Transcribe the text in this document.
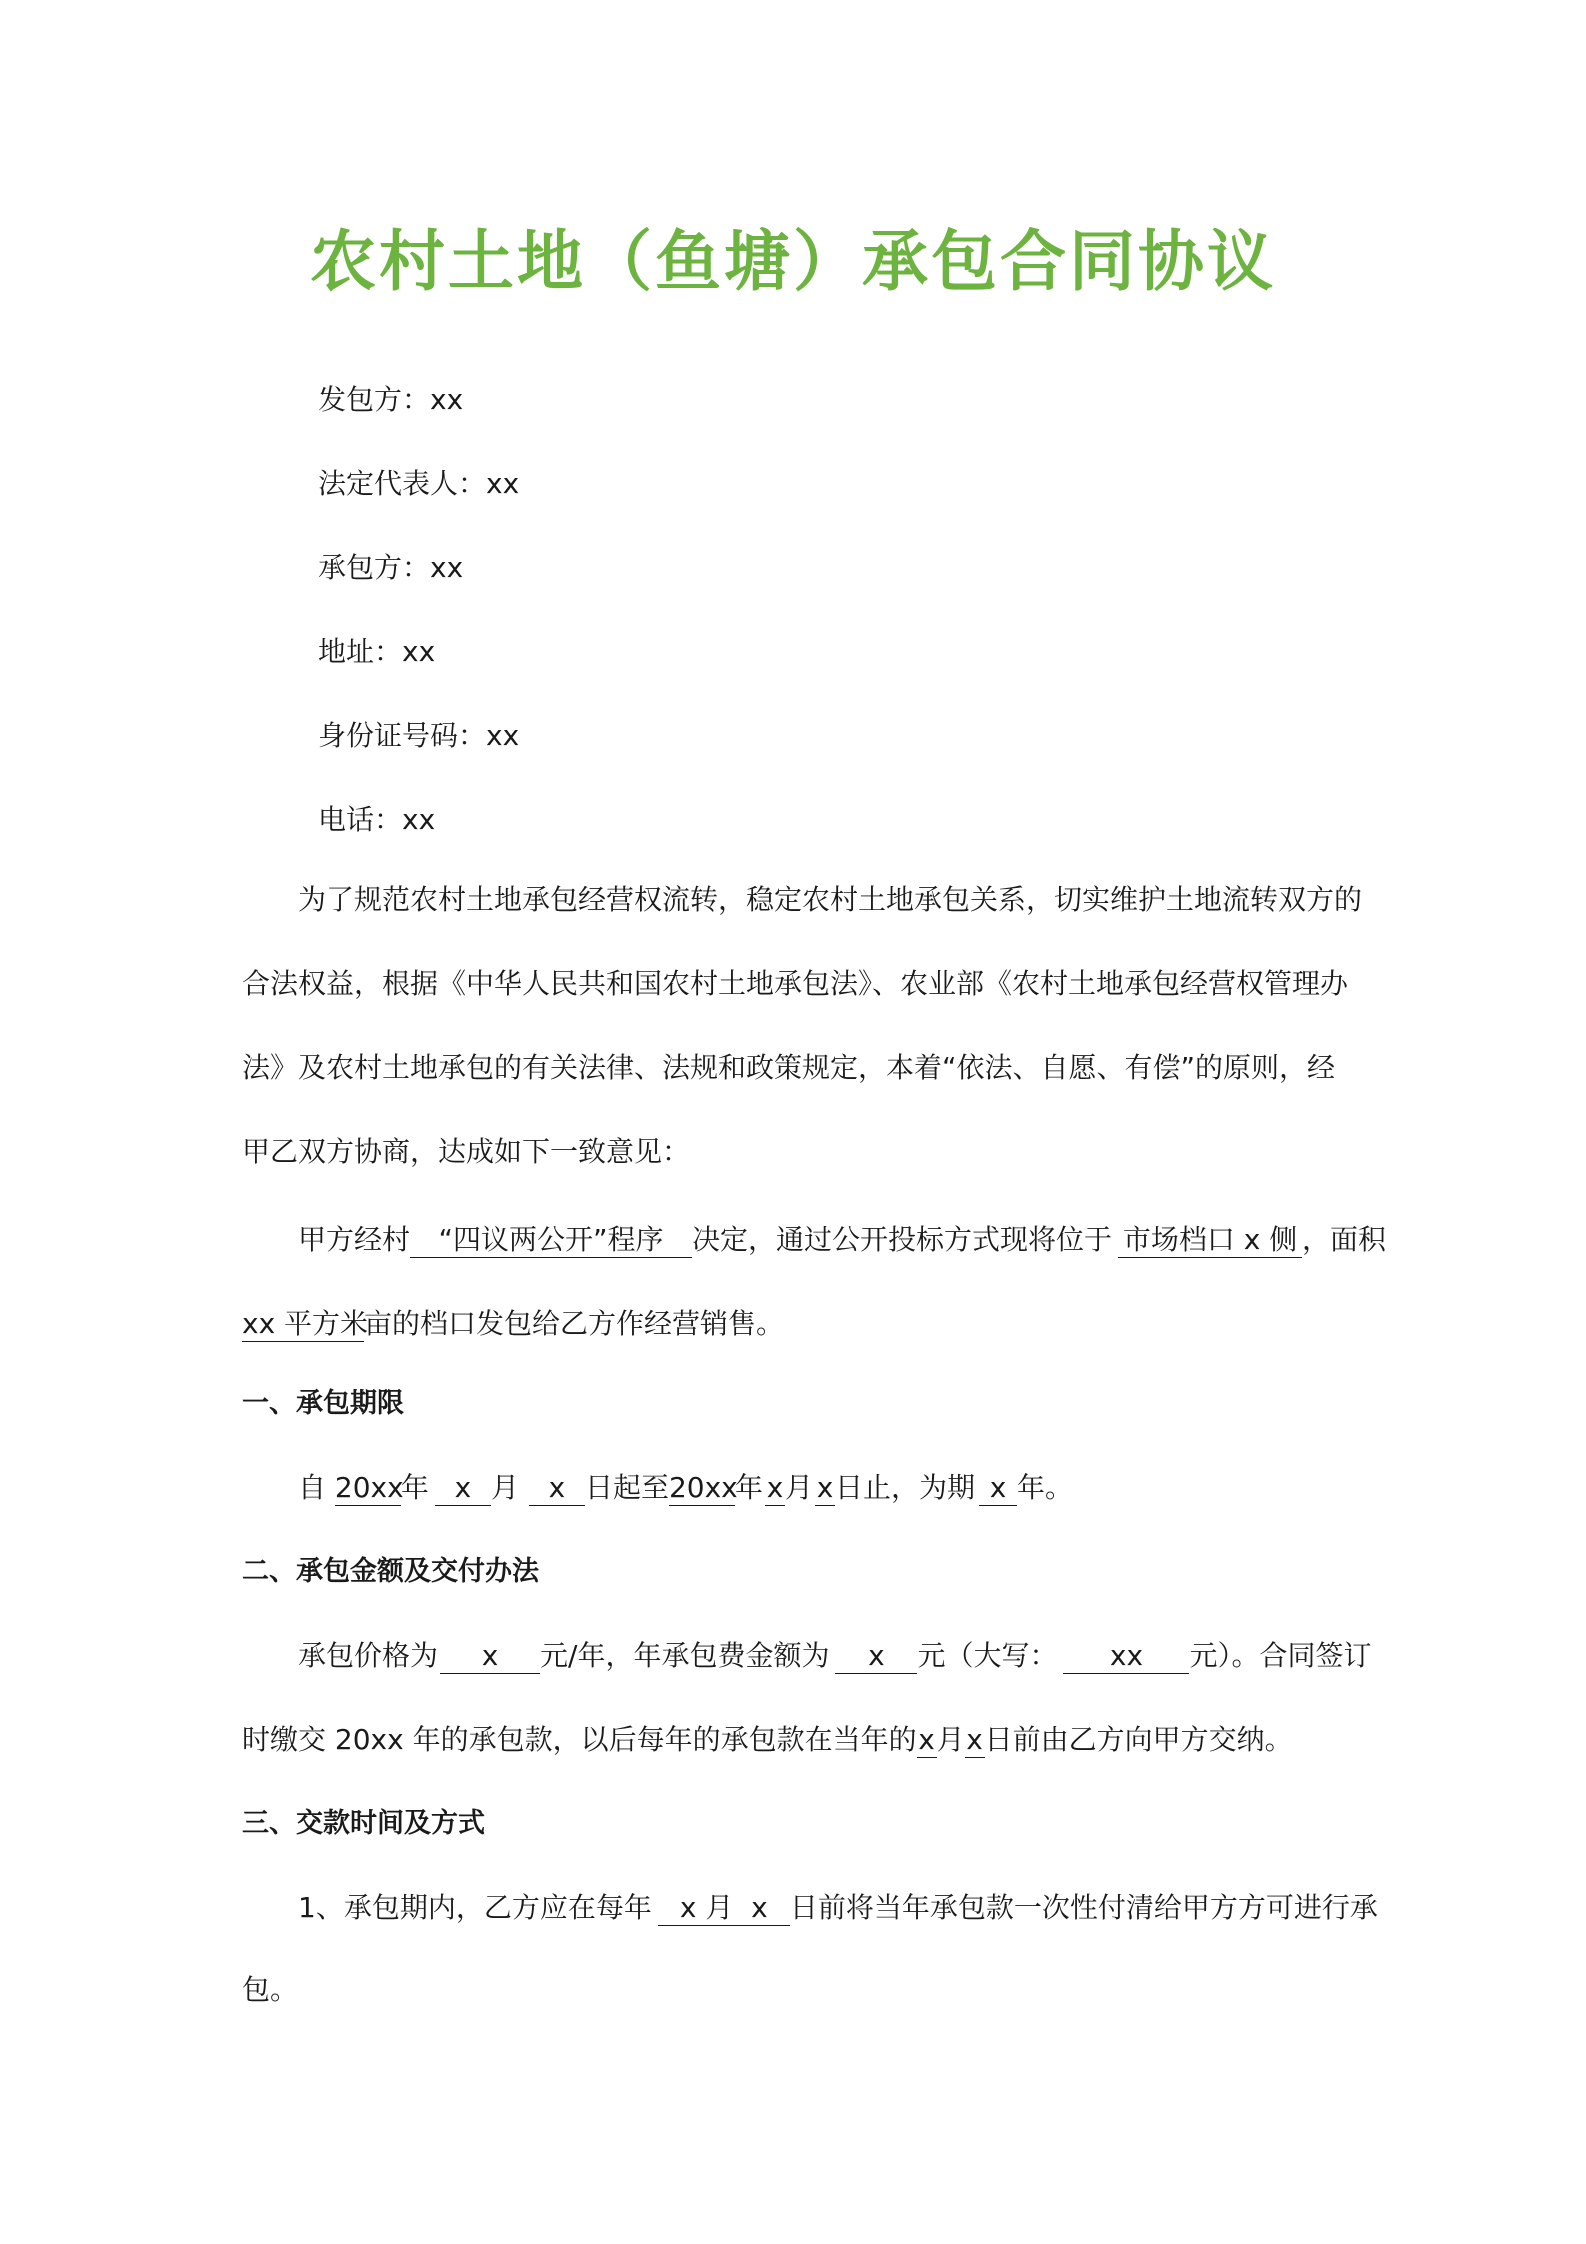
农村土地（鱼塘）承包合同协议
发包方：xx
法定代表人：xx
承包方：xx
地址：xx
身份证号码：xx
电话：xx
为了规范农村土地承包经营权流转，稳定农村土地承包关系，切实维护土地流转双方的
合法权益，根据《中华人民共和国农村土地承包法》、农业部《农村土地承包经营权管理办
法》及农村土地承包的有关法律、法规和政策规定，本着“依法、自愿、有偿”的原则，经
甲乙双方协商，达成如下一致意见：
甲方经村 “四议两公开”程序 决定，通过公开投标方式现将位于 市场档口 x 侧 ，面积
xx 平方米亩的档口发包给乙方作经营销售。
一、承包期限
自 20xx年 x 月 x 日起至20xx年 x月 x日止，为期 x 年。
二、承包金额及交付办法
承包价格为 x 元/年，年承包费金额为 x 元（大写： xx 元）。合同签订
时缴交 20xx 年的承包款，以后每年的承包款在当年的x月x日前由乙方向甲方交纳。
三、交款时间及方式
1、承包期内，乙方应在每年 x 月  x 日前将当年承包款一次性付清给甲方方可进行承
包。
